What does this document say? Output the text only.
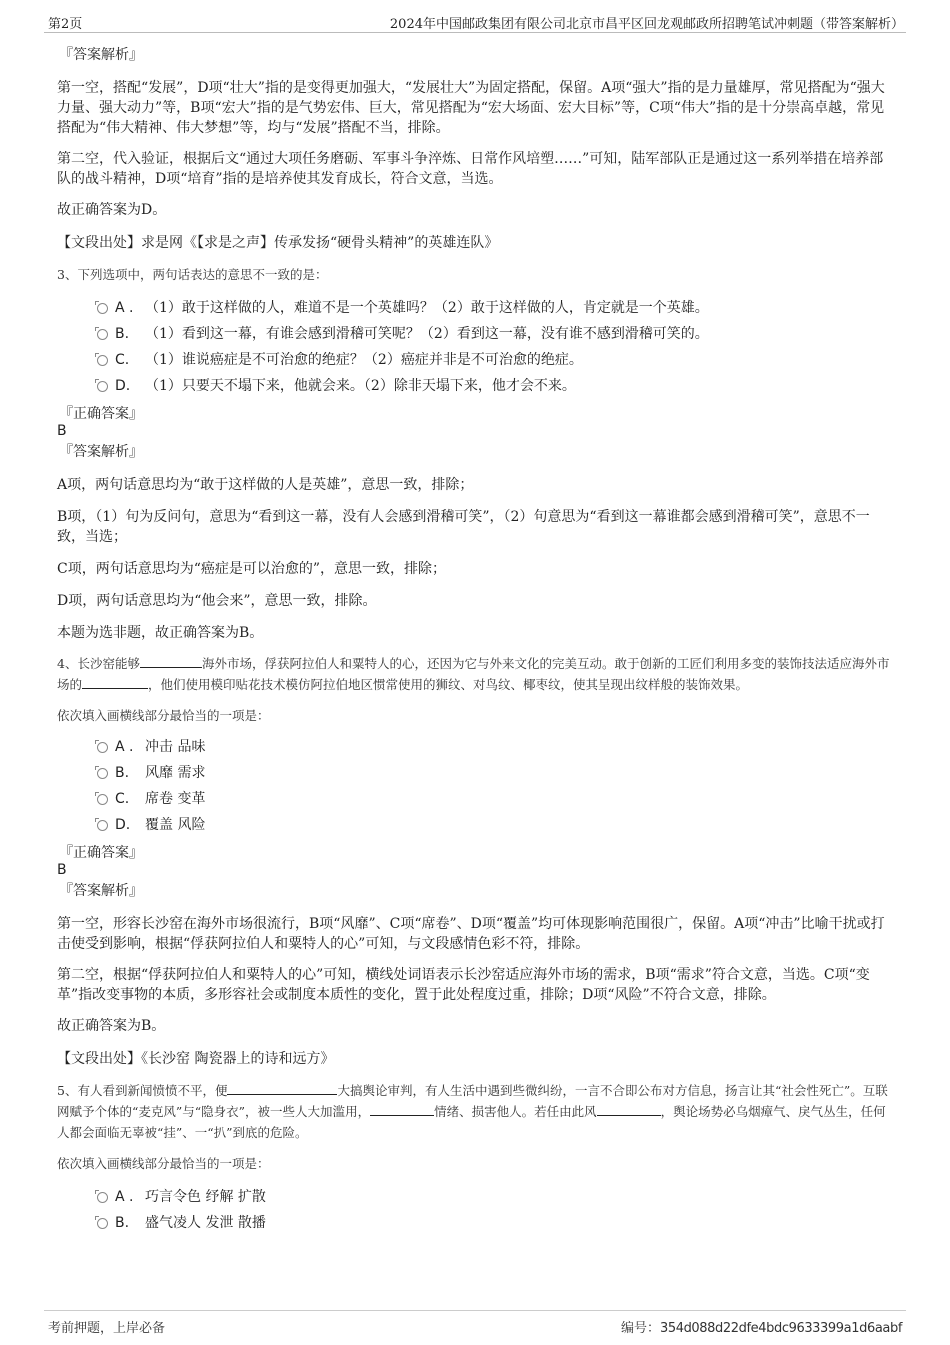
第2页	2024年中国邮政集团有限公司北京市昌平区回龙观邮政所招聘笔试冲刺题（带答案解析）

『答案解析』

第一空，搭配“发展”，D项“壮大”指的是变得更加强大，“发展壮大”为固定搭配，保留。A项“强大”指的是力量雄厚，常见搭配为“强大力量、强大动力”等，B项“宏大”指的是气势宏伟、巨大，常见搭配为“宏大场面、宏大目标”等，C项“伟大”指的是十分崇高卓越，常见搭配为“伟大精神、伟大梦想”等，均与“发展”搭配不当，排除。

第二空，代入验证，根据后文“通过大项任务磨砺、军事斗争淬炼、日常作风培塑……”可知，陆军部队正是通过这一系列举措在培养部队的战斗精神，D项“培育”指的是培养使其发育成长，符合文意，当选。

故正确答案为D。

【文段出处】求是网《【求是之声】传承发扬“硬骨头精神”的英雄连队》

3、下列选项中，两句话表达的意思不一致的是：

A . （1）敢于这样做的人，难道不是一个英雄吗？（2）敢于这样做的人，肯定就是一个英雄。
B. （1）看到这一幕，有谁会感到滑稽可笑呢？（2）看到这一幕，没有谁不感到滑稽可笑的。
C. （1）谁说癌症是不可治愈的绝症？（2）癌症并非是不可治愈的绝症。
D. （1）只要天不塌下来，他就会来。（2）除非天塌下来，他才会不来。

『正确答案』

B

『答案解析』

A项，两句话意思均为“敢于这样做的人是英雄”，意思一致，排除；

B项，（1）句为反问句，意思为“看到这一幕，没有人会感到滑稽可笑”，（2）句意思为“看到这一幕谁都会感到滑稽可笑”，意思不一致，当选；

C项，两句话意思均为“癌症是可以治愈的”，意思一致，排除；

D项，两句话意思均为“他会来”，意思一致，排除。

本题为选非题，故正确答案为B。

4、长沙窑能够	海外市场，俘获阿拉伯人和粟特人的心，还因为它与外来文化的完美互动。敢于创新的工匠们利用多变的装饰技法适应海外市场的	，他们使用模印贴花技术模仿阿拉伯地区惯常使用的狮纹、对鸟纹、椰枣纹，使其呈现出纹样般的装饰效果。

依次填入画横线部分最恰当的一项是：

A . 冲击 品味
B. 风靡 需求
C. 席卷 变革
D. 覆盖 风险

『正确答案』

B

『答案解析』

第一空，形容长沙窑在海外市场很流行，B项“风靡”、C项“席卷”、D项“覆盖”均可体现影响范围很广，保留。A项“冲击”比喻干扰或打击使受到影响，根据“俘获阿拉伯人和粟特人的心”可知，与文段感情色彩不符，排除。

第二空，根据“俘获阿拉伯人和粟特人的心”可知，横线处词语表示长沙窑适应海外市场的需求，B项“需求”符合文意，当选。C项“变革”指改变事物的本质，多形容社会或制度本质性的变化，置于此处程度过重，排除；D项“风险”不符合文意，排除。

故正确答案为B。

【文段出处】《长沙窑 陶瓷器上的诗和远方》

5、有人看到新闻愤愤不平，便	大搞舆论审判，有人生活中遇到些微纠纷，一言不合即公布对方信息，扬言让其“社会性死亡”。互联网赋予个体的“麦克风”与“隐身衣”，被一些人大加滥用，	情绪、损害他人。若任由此风	，舆论场势必乌烟瘴气、戾气丛生，任何人都会面临无辜被“挂”、一“扒”到底的危险。

依次填入画横线部分最恰当的一项是：

A . 巧言令色 纾解 扩散
B. 盛气凌人 发泄 散播
考前押题，上岸必备	编号：354d088d22dfe4bdc9633399a1d6aabf
